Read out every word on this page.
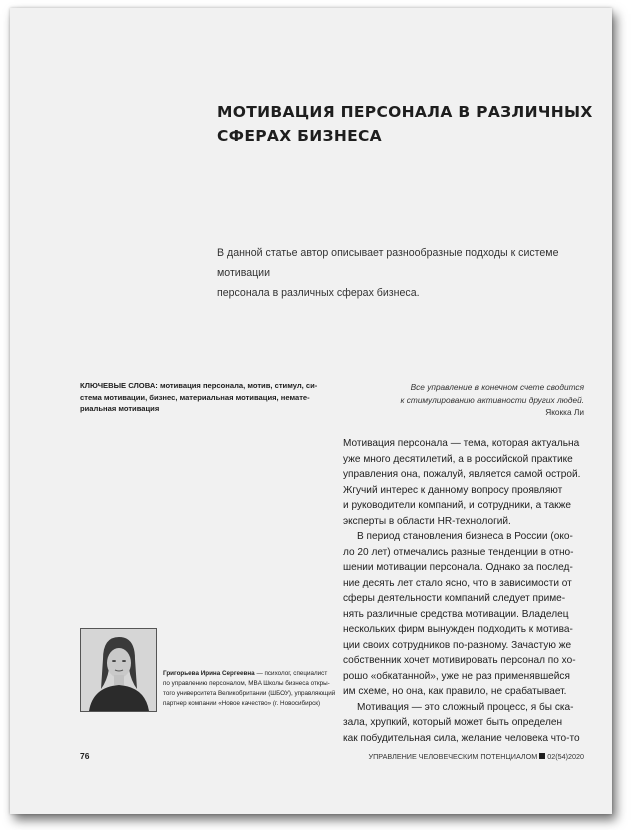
МОТИВАЦИЯ ПЕРСОНАЛА В РАЗЛИЧНЫХ
СФЕРАХ БИЗНЕСА

В данной статье автор описывает разнообразные подходы к системе мотивации
персонала в различных сферах бизнеса.

КЛЮЧЕВЫЕ СЛОВА: мотивация персонала, мотив, стимул, си-
стема мотивации, бизнес, материальная мотивация, немате-
риальная мотивация

Все управление в конечном счете сводится
к стимулированию активности других людей.
Якокка Ли
Мотивация персонала — тема, которая актуальна
уже много десятилетий, а в российской практике
управления она, пожалуй, является самой острой.
Жгучий интерес к данному вопросу проявляют
и руководители компаний, и сотрудники, а также
эксперты в области HR-технологий.
В период становления бизнеса в России (око-
ло 20 лет) отмечались разные тенденции в отно-
шении мотивации персонала. Однако за послед-
ние десять лет стало ясно, что в зависимости от
сферы деятельности компаний следует приме-
нять различные средства мотивации. Владелец
нескольких фирм вынужден подходить к мотива-
ции своих сотрудников по-разному. Зачастую же
собственник хочет мотивировать персонал по хо-
рошо «обкатанной», уже не раз применявшейся
им схеме, но она, как правило, не срабатывает.
Мотивация — это сложный процесс, я бы ска-
зала, хрупкий, который может быть определен
как побудительная сила, желание человека что-то

Григорьева Ирина Сергеевна — психолог, специалист
по управлению персоналом, MBA Школы бизнеса откры-
того университета Великобритании (ШБОУ), управляющий
партнер компании «Новое качество» (г. Новосибирск)

76	УПРАВЛЕНИЕ ЧЕЛОВЕЧЕСКИМ ПОТЕНЦИАЛОМ 02(54)2020
